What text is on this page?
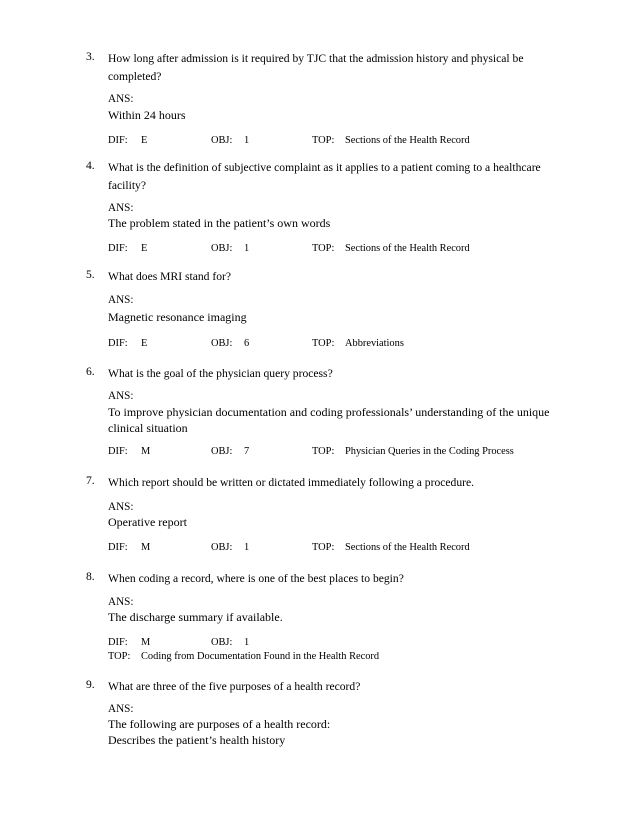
3. How long after admission is it required by TJC that the admission history and physical be completed?
ANS:
Within 24 hours
DIF: E	OBJ: 1	TOP: Sections of the Health Record
4. What is the definition of subjective complaint as it applies to a patient coming to a healthcare facility?
ANS:
The problem stated in the patient’s own words
DIF: E	OBJ: 1	TOP: Sections of the Health Record
5. What does MRI stand for?
ANS:
Magnetic resonance imaging
DIF: E	OBJ: 6	TOP: Abbreviations
6. What is the goal of the physician query process?
ANS:
To improve physician documentation and coding professionals’ understanding of the unique clinical situation
DIF: M	OBJ: 7	TOP: Physician Queries in the Coding Process
7. Which report should be written or dictated immediately following a procedure.
ANS:
Operative report
DIF: M	OBJ: 1	TOP: Sections of the Health Record
8. When coding a record, where is one of the best places to begin?
ANS:
The discharge summary if available.
DIF: M	OBJ: 1
TOP: Coding from Documentation Found in the Health Record
9. What are three of the five purposes of a health record?
ANS:
The following are purposes of a health record:
Describes the patient’s health history
